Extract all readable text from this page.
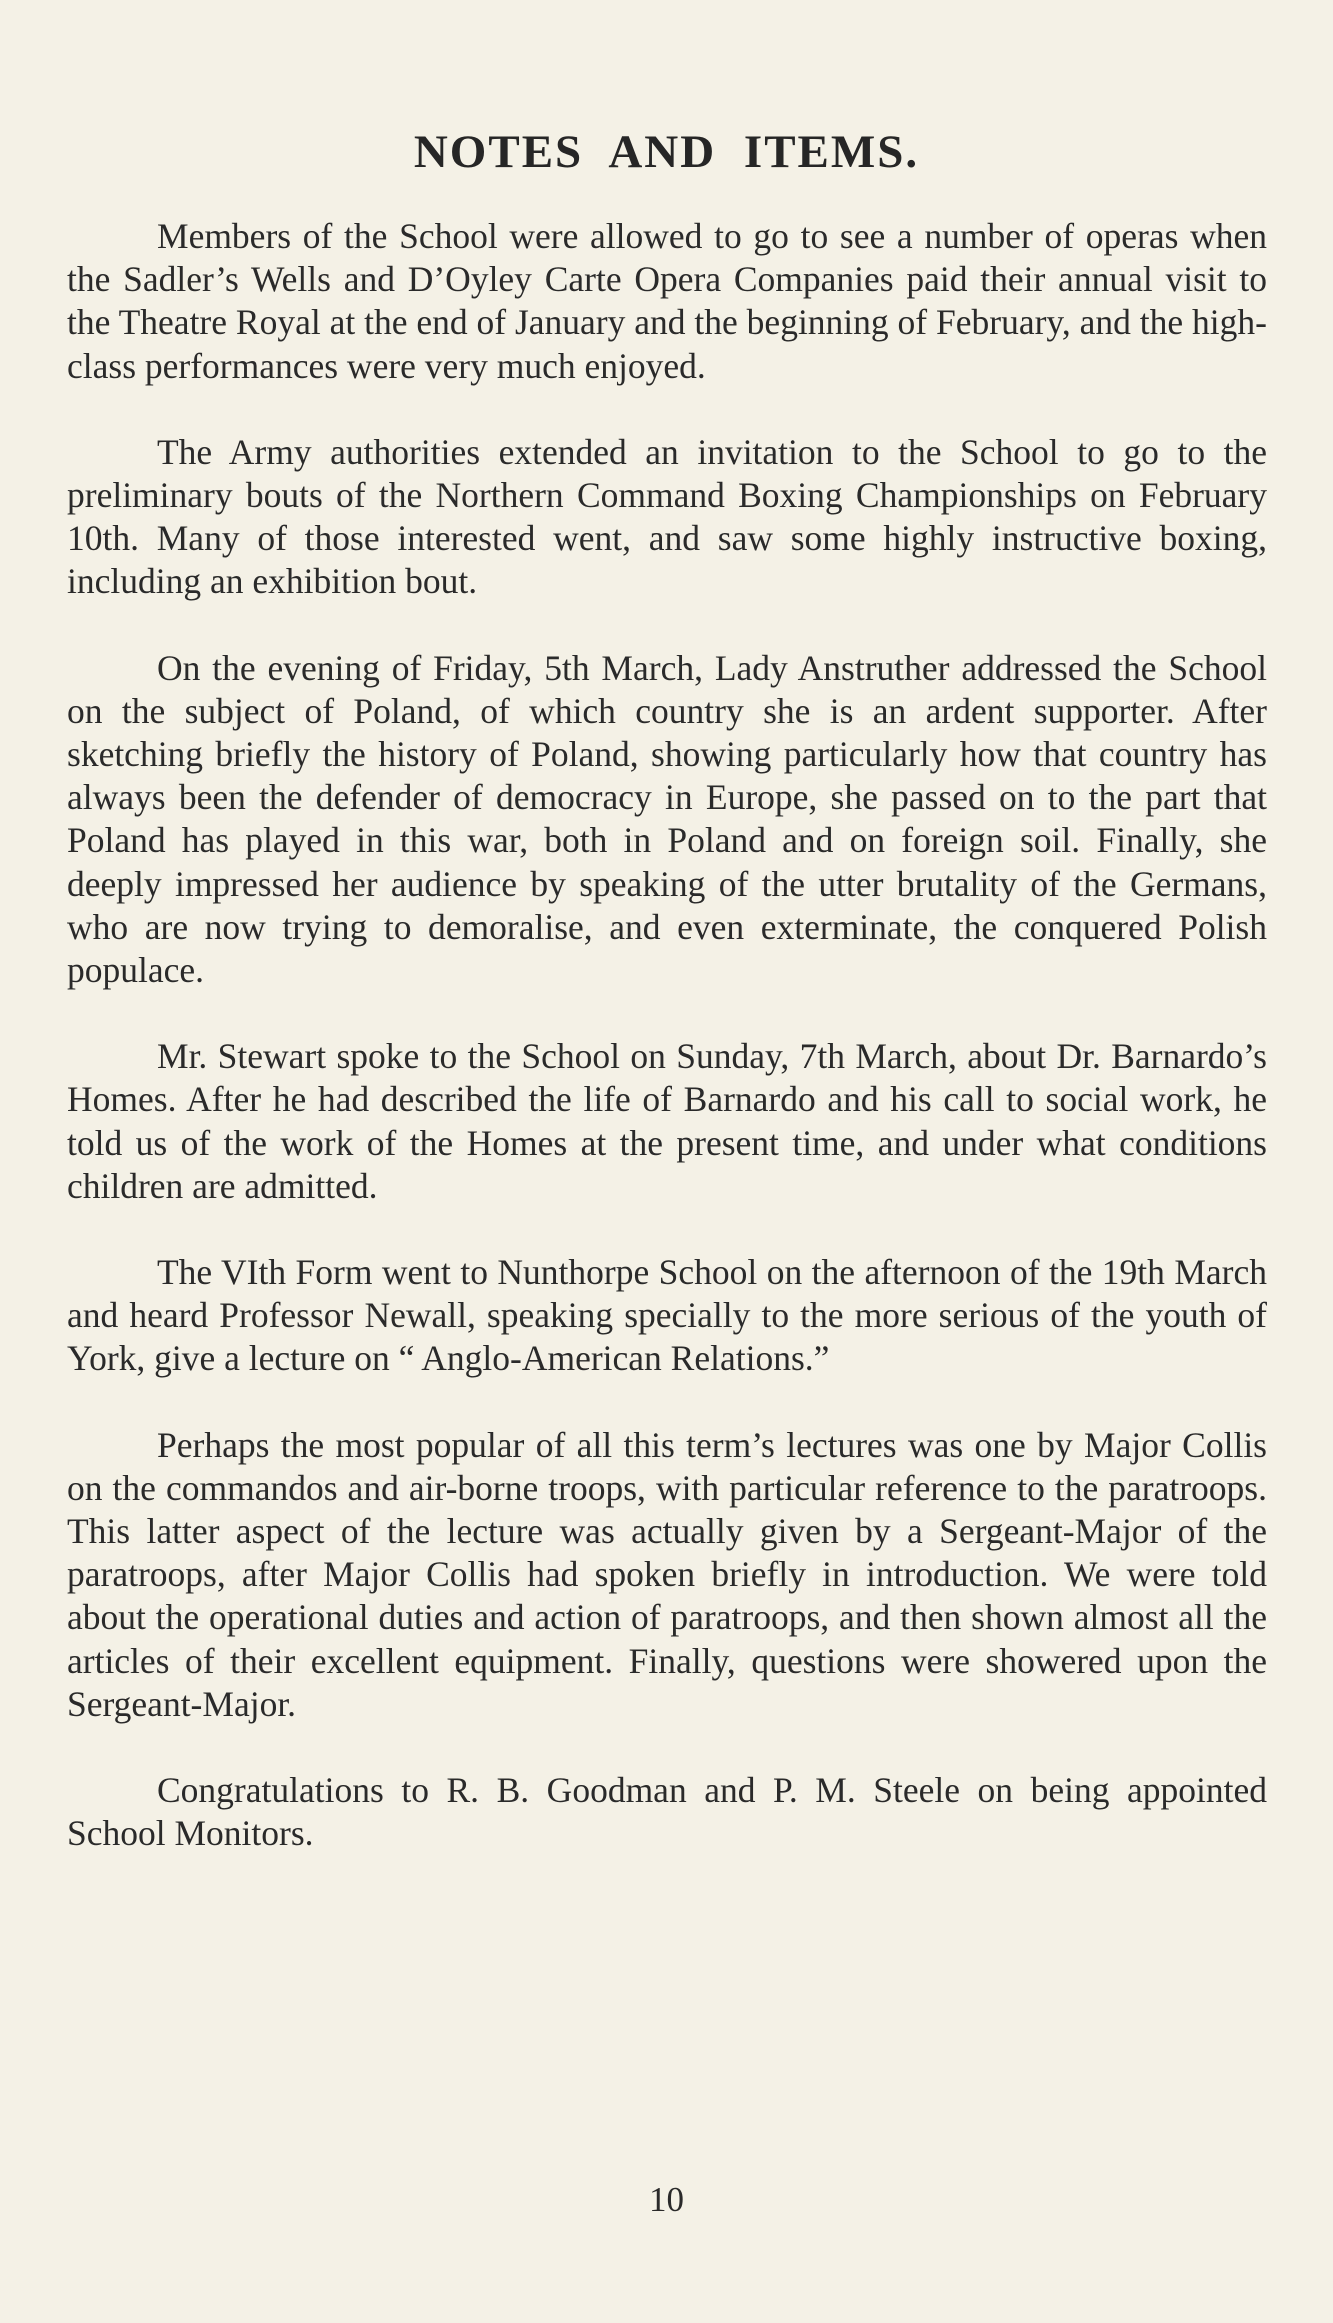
NOTES AND ITEMS.

Members of the School were allowed to go to see a number of operas when the Sadler’s Wells and D’Oyley Carte Opera Companies paid their annual visit to the Theatre Royal at the end of January and the beginning of February, and the high-class performances were very much enjoyed.

The Army authorities extended an invitation to the School to go to the preliminary bouts of the Northern Command Boxing Championships on February 10th. Many of those interested went, and saw some highly instructive boxing, including an exhibition bout.

On the evening of Friday, 5th March, Lady Anstruther addressed the School on the subject of Poland, of which country she is an ardent supporter. After sketching briefly the history of Poland, showing particularly how that country has always been the defender of democracy in Europe, she passed on to the part that Poland has played in this war, both in Poland and on foreign soil. Finally, she deeply impressed her audience by speaking of the utter brutality of the Germans, who are now trying to demoralise, and even exterminate, the conquered Polish populace.

Mr. Stewart spoke to the School on Sunday, 7th March, about Dr. Barnardo’s Homes. After he had described the life of Barnardo and his call to social work, he told us of the work of the Homes at the present time, and under what conditions children are admitted.

The VIth Form went to Nunthorpe School on the afternoon of the 19th March and heard Professor Newall, speaking specially to the more serious of the youth of York, give a lecture on “ Anglo-American Relations.”

Perhaps the most popular of all this term’s lectures was one by Major Collis on the commandos and air-borne troops, with particular reference to the paratroops. This latter aspect of the lecture was actually given by a Sergeant-Major of the paratroops, after Major Collis had spoken briefly in introduction. We were told about the operational duties and action of paratroops, and then shown almost all the articles of their excellent equipment. Finally, questions were showered upon the Sergeant-Major.

Congratulations to R. B. Goodman and P. M. Steele on being appointed School Monitors.

10
